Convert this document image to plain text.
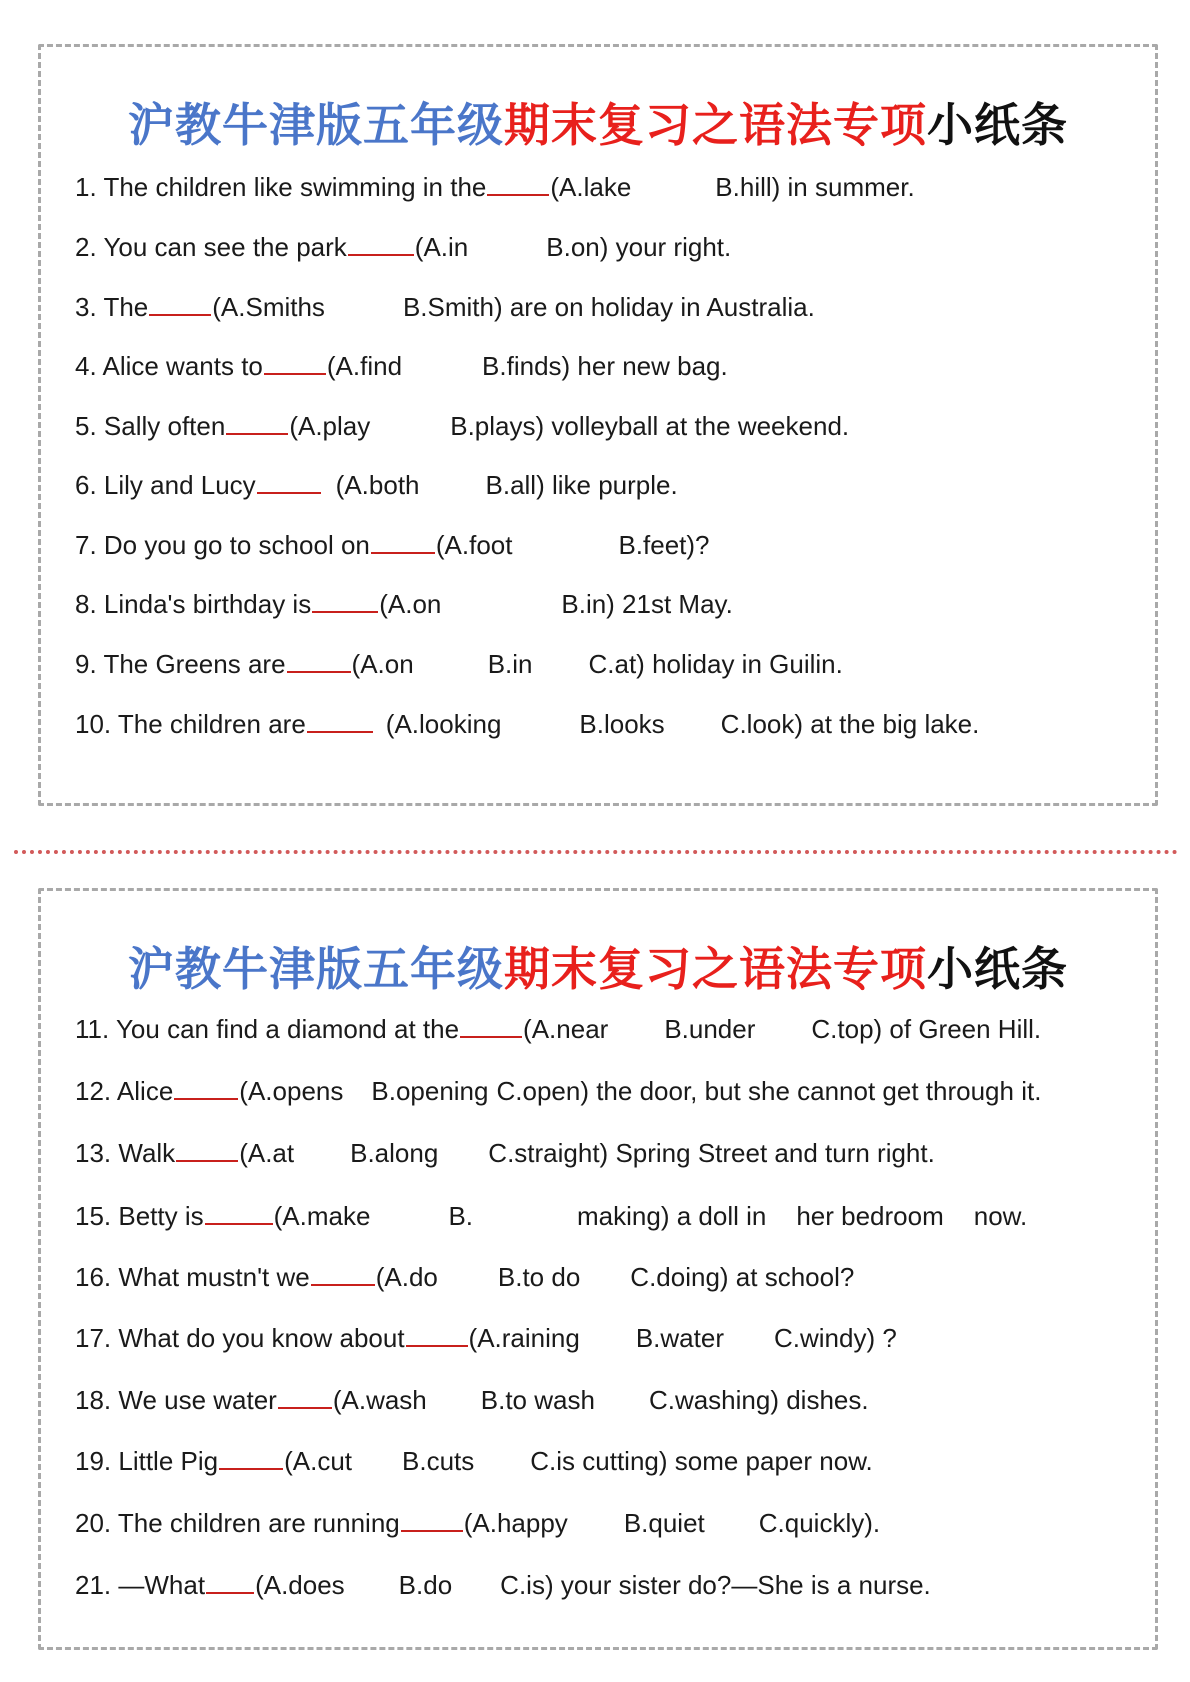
沪教牛津版五年级期末复习之语法专项小纸条
1. The children like swimming in the (A.lake	B.hill) in summer.
2. You can see the park	(A.in	B.on) your right.
3. The (A.Smiths	B.Smith) are on holiday in Australia.
4. Alice wants to (A.find	B.finds) her new bag.
5. Sally often (A.play	B.plays) volleyball at the weekend.
6. Lily and Lucy	(A.both	B.all) like purple.
7. Do you go to school on	(A.foot	B.feet)?
8. Linda's birthday is	(A.on	B.in) 21st May.
9. The Greens are	(A.on	B.in C.at) holiday in Guilin.
10. The children are	(A.looking	B.looks C.look) at the big lake.
沪教牛津版五年级期末复习之语法专项小纸条
11. You can find a diamond at the (A.near B.under C.top) of Green Hill.
12. Alice	(A.opens B.opening C.open) the door, but she cannot get through it.
13. Walk (A.at B.along C.straight) Spring Street and turn right.
15. Betty is	(A.make	B.	making) a doll in her bedroom now.
16. What mustn't we	(A.do B.to do C.doing) at school?
17. What do you know about (A.raining B.water C.windy) ?
18. We use water (A.wash B.to wash C.washing) dishes.
19. Little Pig	(A.cut B.cuts C.is cutting) some paper now.
20. The children are running (A.happy B.quiet C.quickly).
21. —What (A.does B.do C.is) your sister do?—She is a nurse.
